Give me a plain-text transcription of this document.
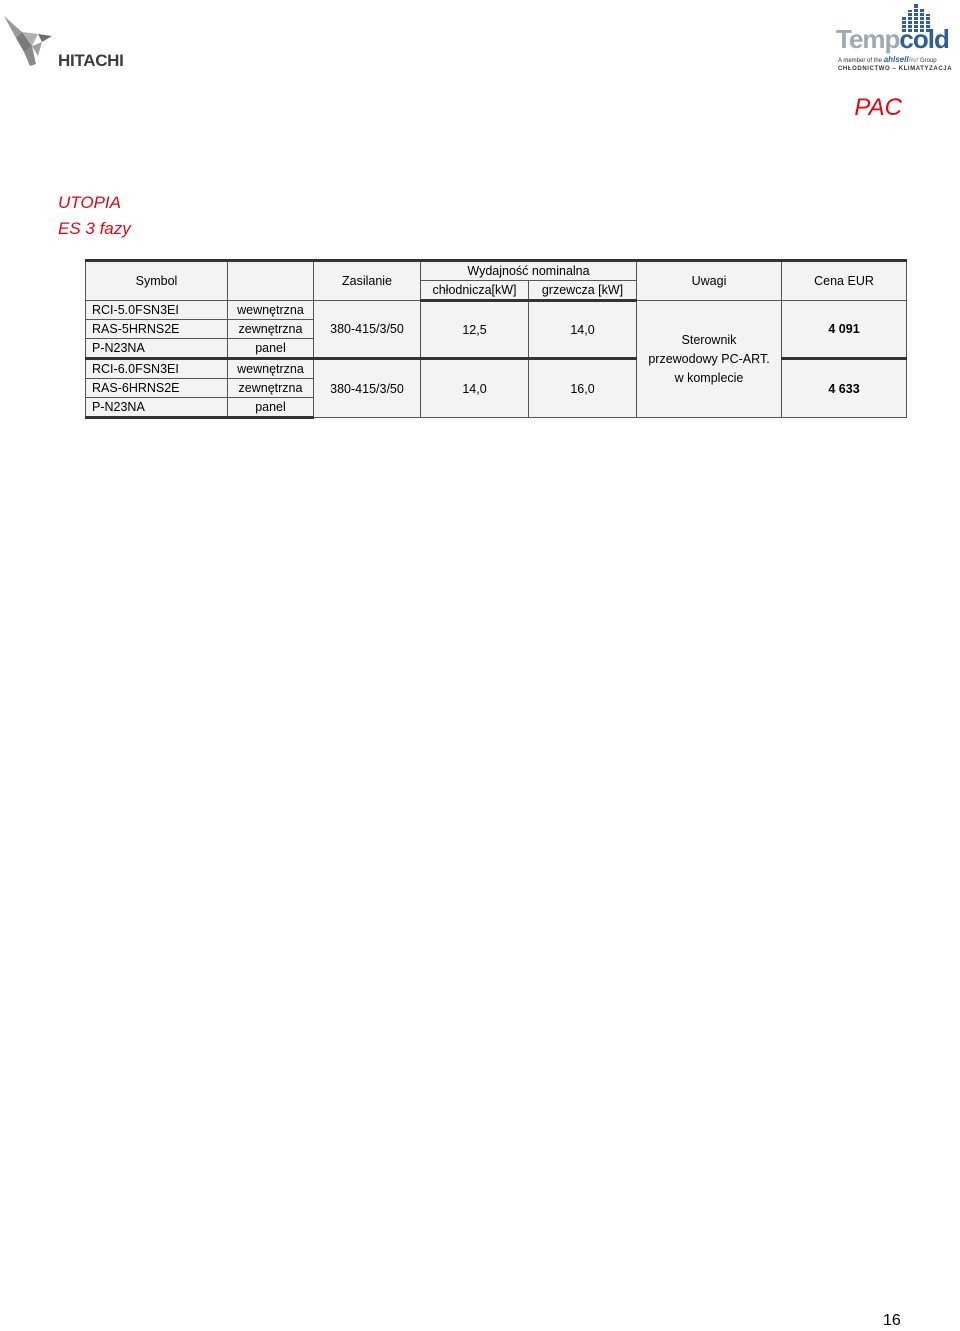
HITACHI
Tempcold
A member of the ahlsellRef Group
CHŁODNICTWO – KLIMATYZACJA
PAC
UTOPIA
ES 3 fazy
Symbol		Zasilanie	Wydajność nominalna		Uwagi	Cena EUR
			chłodnicza[kW]	grzewcza [kW]		
RCI-5.0FSN3EI	wewnętrzna	380-415/3/50	12,5	14,0	Sterownik
przewodowy PC-ART.
w komplecie	4 091
RAS-5HRNS2E	zewnętrzna					
P-N23NA	panel					
RCI-6.0FSN3EI	wewnętrzna	380-415/3/50	14,0	16,0		4 633
RAS-6HRNS2E	zewnętrzna					
P-N23NA	panel					
16
